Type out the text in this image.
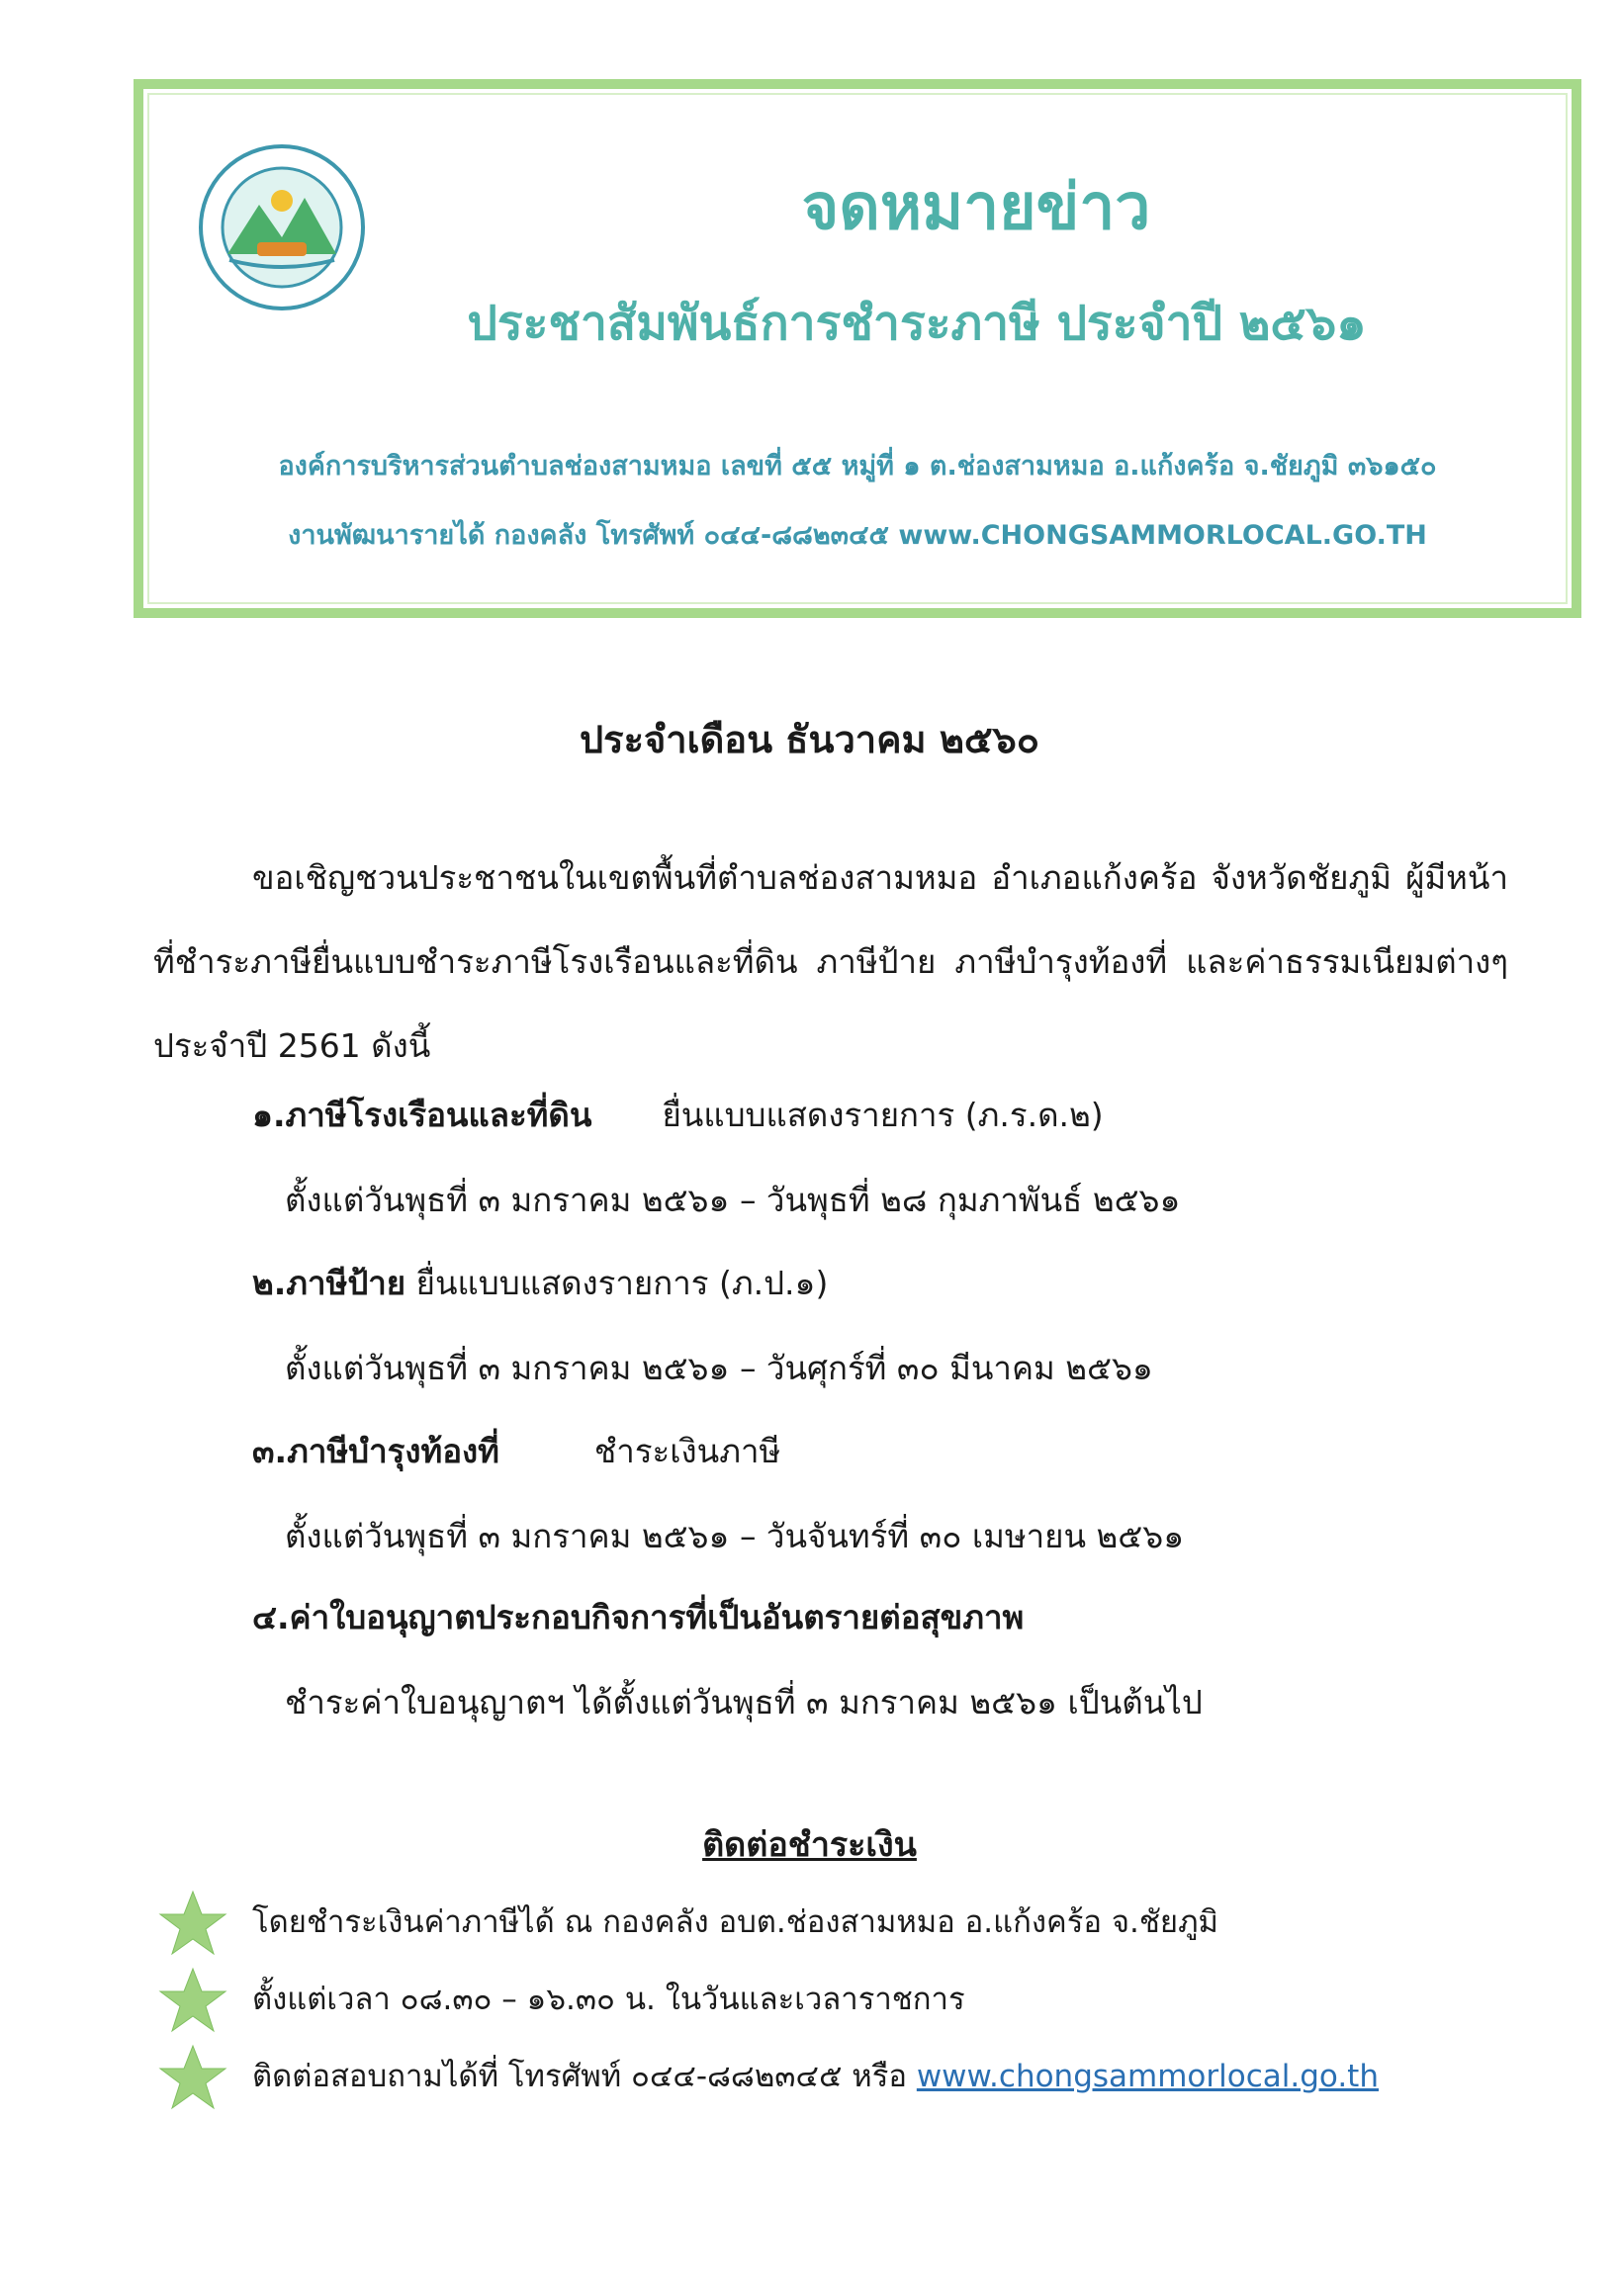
จดหมายข่าว
ประชาสัมพันธ์การชำระภาษี ประจำปี ๒๕๖๑
องค์การบริหารส่วนตำบลช่องสามหมอ เลขที่ ๕๕ หมู่ที่ ๑ ต.ช่องสามหมอ อ.แก้งคร้อ จ.ชัยภูมิ ๓๖๑๕๐
งานพัฒนารายได้ กองคลัง โทรศัพท์ ๐๔๔-๘๘๒๓๔๕ www.CHONGSAMMORLOCAL.GO.TH
ประจำเดือน ธันวาคม ๒๕๖๐
ขอเชิญชวนประชาชนในเขตพื้นที่ตำบลช่องสามหมอ อำเภอแก้งคร้อ จังหวัดชัยภูมิ ผู้มีหน้าที่ชำระภาษียื่นแบบชำระภาษีโรงเรือนและที่ดิน ภาษีป้าย ภาษีบำรุงท้องที่ และค่าธรรมเนียมต่างๆ ประจำปี 2561 ดังนี้
๑.ภาษีโรงเรือนและที่ดิน ยื่นแบบแสดงรายการ (ภ.ร.ด.๒)
ตั้งแต่วันพุธที่ ๓ มกราคม ๒๕๖๑ – วันพุธที่ ๒๘ กุมภาพันธ์ ๒๕๖๑
๒.ภาษีป้าย ยื่นแบบแสดงรายการ (ภ.ป.๑)
ตั้งแต่วันพุธที่ ๓ มกราคม ๒๕๖๑ – วันศุกร์ที่ ๓๐ มีนาคม ๒๕๖๑
๓.ภาษีบำรุงท้องที่	ชำระเงินภาษี
ตั้งแต่วันพุธที่ ๓ มกราคม ๒๕๖๑ – วันจันทร์ที่ ๓๐ เมษายน ๒๕๖๑
๔.ค่าใบอนุญาตประกอบกิจการที่เป็นอันตรายต่อสุขภาพ
ชำระค่าใบอนุญาตฯ ได้ตั้งแต่วันพุธที่ ๓ มกราคม ๒๕๖๑ เป็นต้นไป
ติดต่อชำระเงิน
โดยชำระเงินค่าภาษีได้ ณ กองคลัง อบต.ช่องสามหมอ อ.แก้งคร้อ จ.ชัยภูมิ
ตั้งแต่เวลา ๐๘.๓๐ – ๑๖.๓๐ น. ในวันและเวลาราชการ
ติดต่อสอบถามได้ที่ โทรศัพท์ ๐๔๔-๘๘๒๓๔๕ หรือ www.chongsammorlocal.go.th
